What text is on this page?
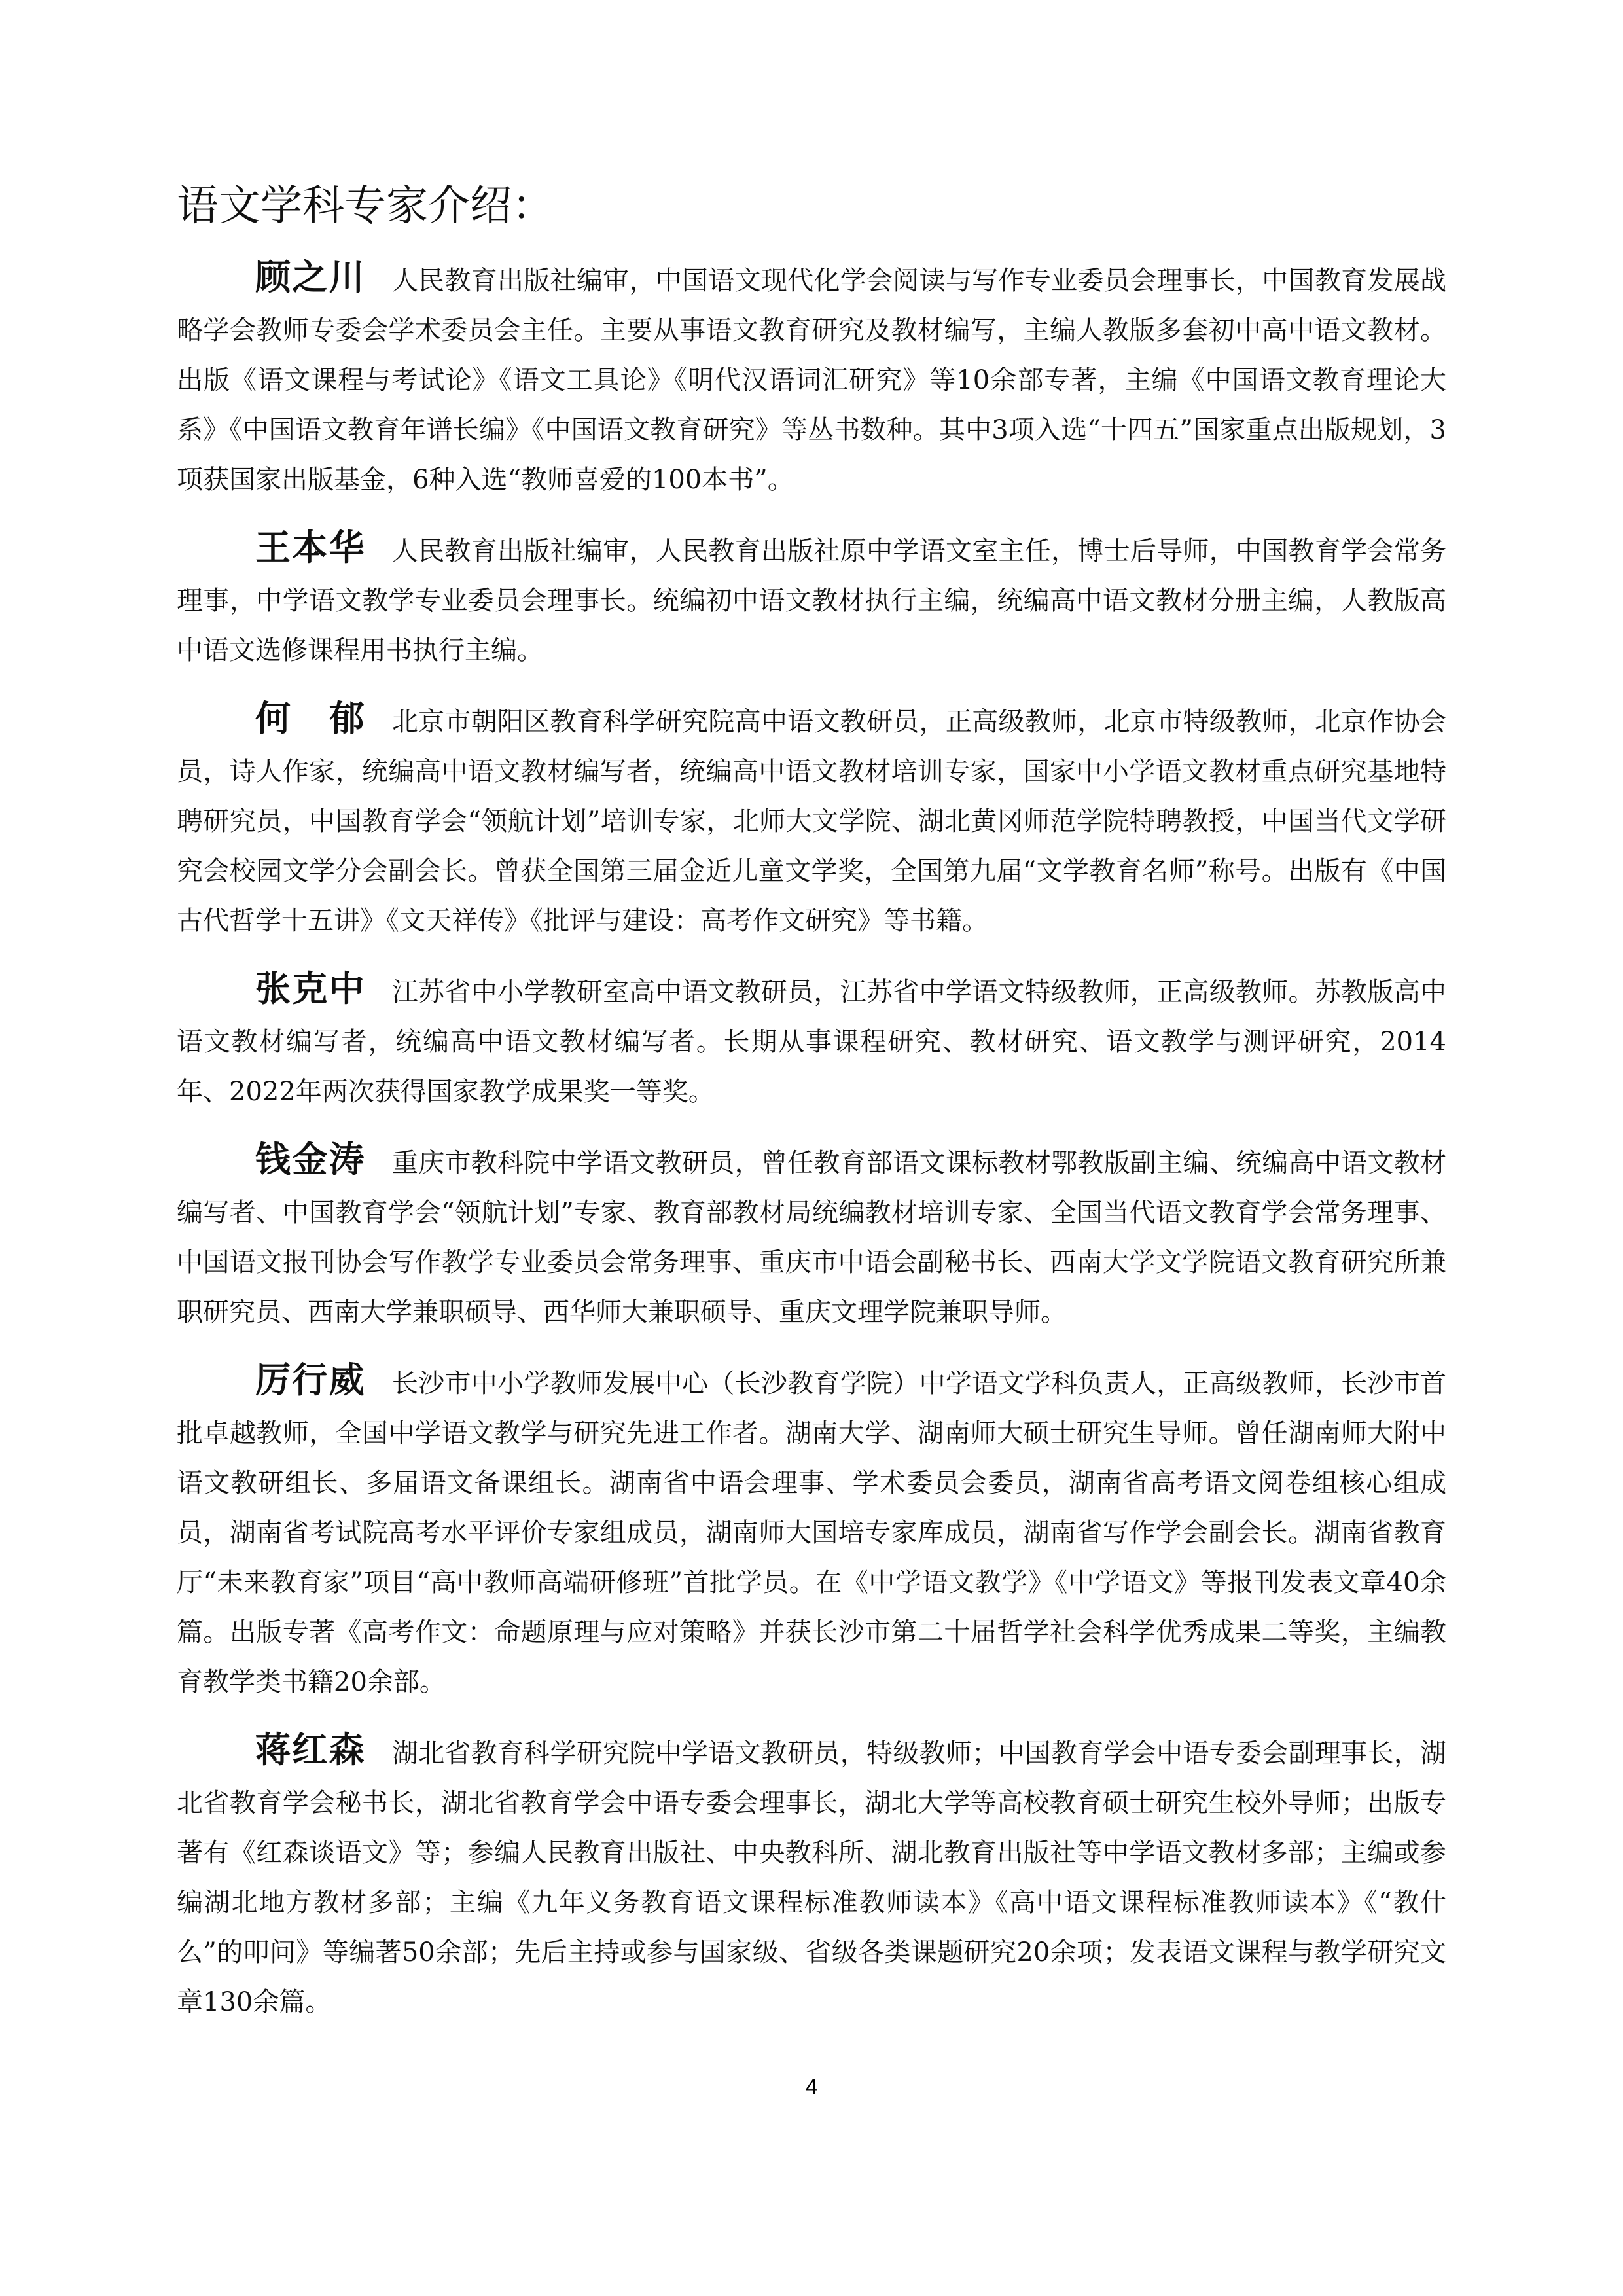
语文学科专家介绍：

顾之川 人民教育出版社编审，中国语文现代化学会阅读与写作专业委员会理事长，中国教育发展战略学会教师专委会学术委员会主任。主要从事语文教育研究及教材编写，主编人教版多套初中高中语文教材。出版《语文课程与考试论》《语文工具论》《明代汉语词汇研究》等10余部专著，主编《中国语文教育理论大系》《中国语文教育年谱长编》《中国语文教育研究》等丛书数种。其中3项入选“十四五”国家重点出版规划，3项获国家出版基金，6种入选“教师喜爱的100本书”。

王本华 人民教育出版社编审，人民教育出版社原中学语文室主任，博士后导师，中国教育学会常务理事，中学语文教学专业委员会理事长。统编初中语文教材执行主编，统编高中语文教材分册主编，人教版高中语文选修课程用书执行主编。

何　郁 北京市朝阳区教育科学研究院高中语文教研员，正高级教师，北京市特级教师，北京作协会员，诗人作家，统编高中语文教材编写者，统编高中语文教材培训专家，国家中小学语文教材重点研究基地特聘研究员，中国教育学会“领航计划”培训专家，北师大文学院、湖北黄冈师范学院特聘教授，中国当代文学研究会校园文学分会副会长。曾获全国第三届金近儿童文学奖，全国第九届“文学教育名师”称号。出版有《中国古代哲学十五讲》《文天祥传》《批评与建设：高考作文研究》等书籍。

张克中 江苏省中小学教研室高中语文教研员，江苏省中学语文特级教师，正高级教师。苏教版高中语文教材编写者，统编高中语文教材编写者。长期从事课程研究、教材研究、语文教学与测评研究，2014年、2022年两次获得国家教学成果奖一等奖。

钱金涛 重庆市教科院中学语文教研员，曾任教育部语文课标教材鄂教版副主编、统编高中语文教材编写者、中国教育学会“领航计划”专家、教育部教材局统编教材培训专家、全国当代语文教育学会常务理事、中国语文报刊协会写作教学专业委员会常务理事、重庆市中语会副秘书长、西南大学文学院语文教育研究所兼职研究员、西南大学兼职硕导、西华师大兼职硕导、重庆文理学院兼职导师。

厉行威 长沙市中小学教师发展中心（长沙教育学院）中学语文学科负责人，正高级教师，长沙市首批卓越教师，全国中学语文教学与研究先进工作者。湖南大学、湖南师大硕士研究生导师。曾任湖南师大附中语文教研组长、多届语文备课组长。湖南省中语会理事、学术委员会委员，湖南省高考语文阅卷组核心组成员，湖南省考试院高考水平评价专家组成员，湖南师大国培专家库成员，湖南省写作学会副会长。湖南省教育厅“未来教育家”项目“高中教师高端研修班”首批学员。在《中学语文教学》《中学语文》等报刊发表文章40余篇。出版专著《高考作文：命题原理与应对策略》并获长沙市第二十届哲学社会科学优秀成果二等奖，主编教育教学类书籍20余部。

蒋红森 湖北省教育科学研究院中学语文教研员，特级教师；中国教育学会中语专委会副理事长，湖北省教育学会秘书长，湖北省教育学会中语专委会理事长，湖北大学等高校教育硕士研究生校外导师；出版专著有《红森谈语文》等；参编人民教育出版社、中央教科所、湖北教育出版社等中学语文教材多部；主编或参编湖北地方教材多部；主编《九年义务教育语文课程标准教师读本》《高中语文课程标准教师读本》《“教什么”的叩问》等编著50余部；先后主持或参与国家级、省级各类课题研究20余项；发表语文课程与教学研究文章130余篇。

4
